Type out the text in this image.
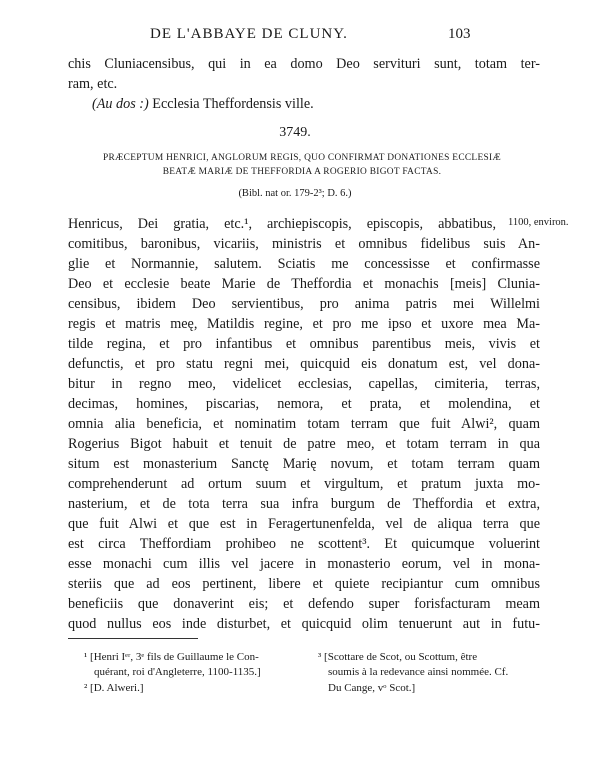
DE L'ABBAYE DE CLUNY.	103
chis Cluniacensibus, qui in ea domo Deo servituri sunt, totam ter-
ram, etc.
(Au dos :) Ecclesia Theffordensis ville.
3749.
PRÆCEPTUM HENRICI, ANGLORUM REGIS, QUO CONFIRMAT DONATIONES ECCLESIÆ
BEATÆ MARIÆ DE THEFFORDIA A ROGERIO BIGOT FACTAS.
(Bibl. nat or. 179-2³; D. 6.)
1100, environ.
Henricus, Dei gratia, etc.¹, archiepiscopis, episcopis, abbatibus,
comitibus, baronibus, vicariis, ministris et omnibus fidelibus suis An-
glie et Normannie, salutem. Sciatis me concessisse et confirmasse
Deo et ecclesie beate Marie de Theffordia et monachis [meis] Clunia-
censibus, ibidem Deo servientibus, pro anima patris mei Willelmi
regis et matris meę, Matildis regine, et pro me ipso et uxore mea Ma-
tilde regina, et pro infantibus et omnibus parentibus meis, vivis et
defunctis, et pro statu regni mei, quicquid eis donatum est, vel dona-
bitur in regno meo, videlicet ecclesias, capellas, cimiteria, terras,
decimas, homines, piscarias, nemora, et prata, et molendina, et
omnia alia beneficia, et nominatim totam terram que fuit Alwi², quam
Rogerius Bigot habuit et tenuit de patre meo, et totam terram in qua
situm est monasterium Sanctę Marię novum, et totam terram quam
comprehenderunt ad ortum suum et virgultum, et pratum juxta mo-
nasterium, et de tota terra sua infra burgum de Theffordia et extra,
que fuit Alwi et que est in Feragertunenfelda, vel de aliqua terra que
est circa Theffordiam prohibeo ne scottent³. Et quicumque voluerint
esse monachi cum illis vel jacere in monasterio eorum, vel in mona-
steriis que ad eos pertinent, libere et quiete recipiantur cum omnibus
beneficiis que donaverint eis; et defendo super forisfacturam meam
quod nullus eos inde disturbet, et quicquid olim tenuerunt aut in futu-
¹ [Henri Iᵉʳ, 3ᵉ fils de Guillaume le Con-
quérant, roi d'Angleterre, 1100-1135.]
² [D. Alweri.]
³ [Scottare de Scot, ou Scottum, être
soumis à la redevance ainsi nommée. Cf.
Du Cange, vᵒ Scot.]
